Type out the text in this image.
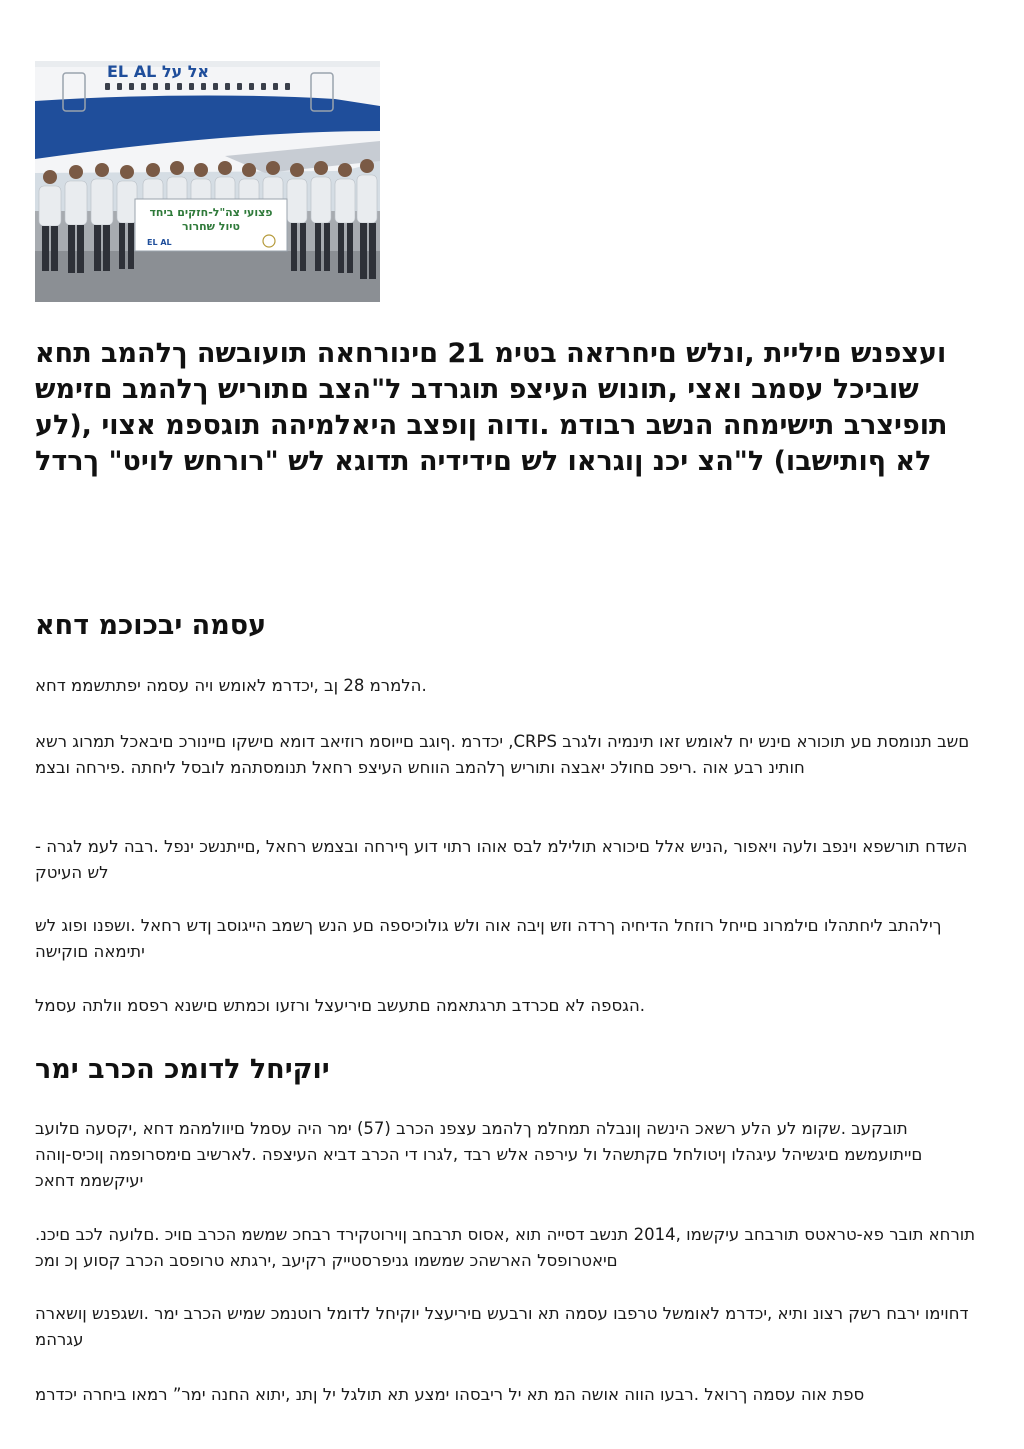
EL AL אל על
פצועי צה"ל-חזקים ביחד
טיול שחרור
EL AL
ועצפנש םיליית ,ונלש םיחרזאה בטימ 21 םינורחאה תועובשה ךלהמב תחא שוביכל עסמב ואצי ,תונוש העיצפ תוגרדב ל"הצב םתוריש ךלהמב םזימש תופיצרב תישימחה הנשב רבודמ .ודוה ןופצב היאלמיהה תוגספמ אצוי ,(לע לא ףותישבו) ל"הצ יכנ ןוגראו לש םידידיה תדוגא לש "רורחש לויט" ךרדל
עסמה יבכוכמ דחא

הלמרמ 28 ןב ,יכדרמ לאומש ויה עסמה יפתתשממ דחא.

יכדרמ .ףוגב םייוסמ רוזיאב דומא םישקו םיינורכ םיבאכל תמרוג רשא ,CRPS םשב תנומסת םע תוכורא םינש יח לאומש זאו תינמיה ולגרב חותינ רבע אוה .ריפכ םחולכ יאבצה ותוריש ךלהמב הווחש העיצפ רחאל תנומסתהמ לובסל ליחתה .פירחה ובצמ

- השדח תורשפא וינפב ולעה ויאפור ,הניש אלל םיכורא תולילמ לבס אוהו רתוי דוע ףירחה ובצמש רחאל ,םייתנשכ ינפל .רבה לעמ לגרה לש העיטק

ךילהתב ליחתהלו םילמרונ םייחל רוזחל הדיחיה ךרדה וזש ןיבה אוה ולש גולוכיספה םע הנש ךשמב הייגוסב ןדש רחאל .ושפנו ופוג לש יתימאה םוקישה

הגספה לא םכרדב תרגתאמה םתעשב םיריעצל ורזעו וכמתש םישנא רפסמ וולתה עסמל.

יוקיחל לדומכ הכרב ימר

תובקעב .שקומ לע הלע רשאכ הינשה ןונבלה תמחלמ ךלהמב עצפנ הכרב (57) ימר היה עסמל םיוולמהמ דחא ,יקסעה םלועב םייתועמשמ םיגשיהל עיגהלו ןיטולחל םקתשהל ול עירפה אלש רבד ,לגרו די הכרב דביא העיצפה .לארשיב םימסרופמה ןוכיס-ןוהה יעיקשממ דחאכ

.תורחא תובר פא-טראטס תורבחב עיקשמו ,2014 תנשב דסייה תוא ,אסוס תרבחב ןוירוטקירד רבחכ שמשמ הכרב םויכ .םלועה לכב םיכנ םיאטרופסל הארשהכ שמשמו גניפרסטייק רקיעב ,ירגתא טרופסב הכרב קסוע ןכ ומכ

דחוימו ירבח רשק רצונ ותיא ,יכדרמ לאומשל טרפבו עסמה תא ורבעש םיריעצל יוקיחל לדומל רוטנמכ שמיש הכרב ימר .ושגפנש ןושארה עגרהמ

ספת אוה עסמה ךרואל .רבעו הווה אושה המ תא יל ריבסהו ימצע תא תולגל יל ןתנ ,יתוא החנה ימר” רמאו ביחרה יכדרמ
